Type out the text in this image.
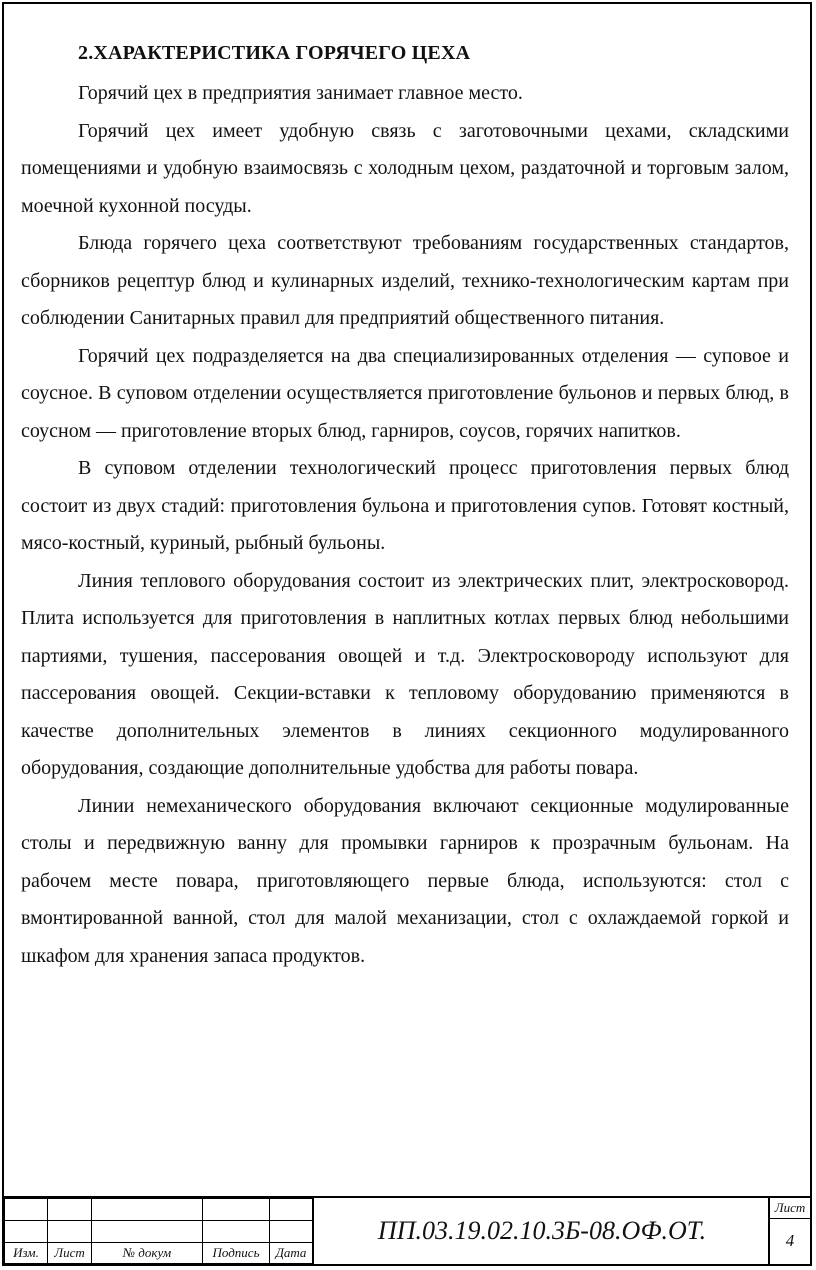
2.ХАРАКТЕРИСТИКА ГОРЯЧЕГО ЦЕХА

Горячий цех в предприятия занимает главное место.

Горячий цех имеет удобную связь с заготовочными цехами, складскими помещениями и удобную взаимосвязь с холодным цехом, раздаточной и торговым залом, моечной кухонной посуды.

Блюда горячего цеха соответствуют требованиям государственных стандартов, сборников рецептур блюд и кулинарных изделий, технико-технологическим картам при соблюдении Санитарных правил для предприятий общественного питания.

Горячий цех подразделяется на два специализированных отделения — суповое и соусное. В суповом отделении осуществляется приготовление бульонов и первых блюд, в соусном — приготовление вторых блюд, гарниров, соусов, горячих напитков.

В суповом отделении технологический процесс приготовления первых блюд состоит из двух стадий: приготовления бульона и приготовления супов. Готовят костный, мясо-костный, куриный, рыбный бульоны.

Линия теплового оборудования состоит из электрических плит, электросковород. Плита используется для приготовления в наплитных котлах первых блюд небольшими партиями, тушения, пассерования овощей и т.д. Электросковороду используют для пассерования овощей. Секции-вставки к тепловому оборудованию применяются в качестве дополнительных элементов в линиях секционного модулированного оборудования, создающие дополнительные удобства для работы повара.

Линии немеханического оборудования включают секционные модулированные столы и передвижную ванну для промывки гарниров к прозрачным бульонам. На рабочем месте повара, приготовляющего первые блюда, используются: стол с вмонтированной ванной, стол для малой механизации, стол с охлаждаемой горкой и шкафом для хранения запаса продуктов.

Изм.	Лист	№ докум	Подпись	Дата
ПП.03.19.02.10.3Б-08.ОФ.ОТ.
Лист
4
